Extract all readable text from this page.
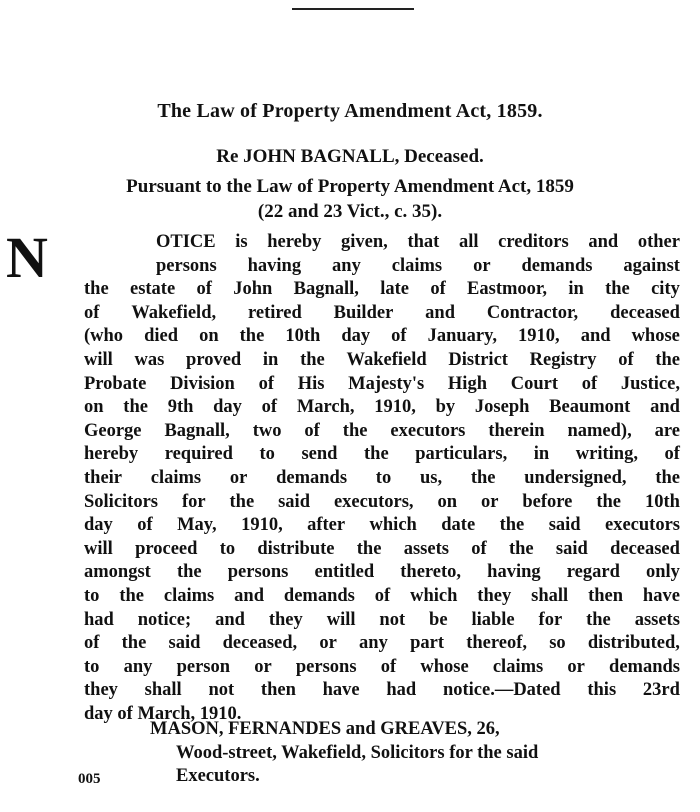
The Law of Property Amendment Act, 1859.
Re JOHN BAGNALL, Deceased.
Pursuant to the Law of Property Amendment Act, 1859
(22 and 23 Vict., c. 35).
N	OTICE is hereby given, that all creditors and other
persons having any claims or demands against
the estate of John Bagnall, late of Eastmoor, in the city
of Wakefield, retired Builder and Contractor, deceased
(who died on the 10th day of January, 1910, and whose
will was proved in the Wakefield District Registry of the
Probate Division of His Majesty's High Court of Justice,
on the 9th day of March, 1910, by Joseph Beaumont and
George Bagnall, two of the executors therein named), are
hereby required to send the particulars, in writing, of
their claims or demands to us, the undersigned, the
Solicitors for the said executors, on or before the 10th
day of May, 1910, after which date the said executors
will proceed to distribute the assets of the said deceased
amongst the persons entitled thereto, having regard only
to the claims and demands of which they shall then have
had notice; and they will not be liable for the assets
of the said deceased, or any part thereof, so distributed,
to any person or persons of whose claims or demands
they shall not then have had notice.—Dated this 23rd
day of March, 1910.
MASON, FERNANDES and GREAVES, 26,
Wood-street, Wakefield, Solicitors for the said
Executors.
005
